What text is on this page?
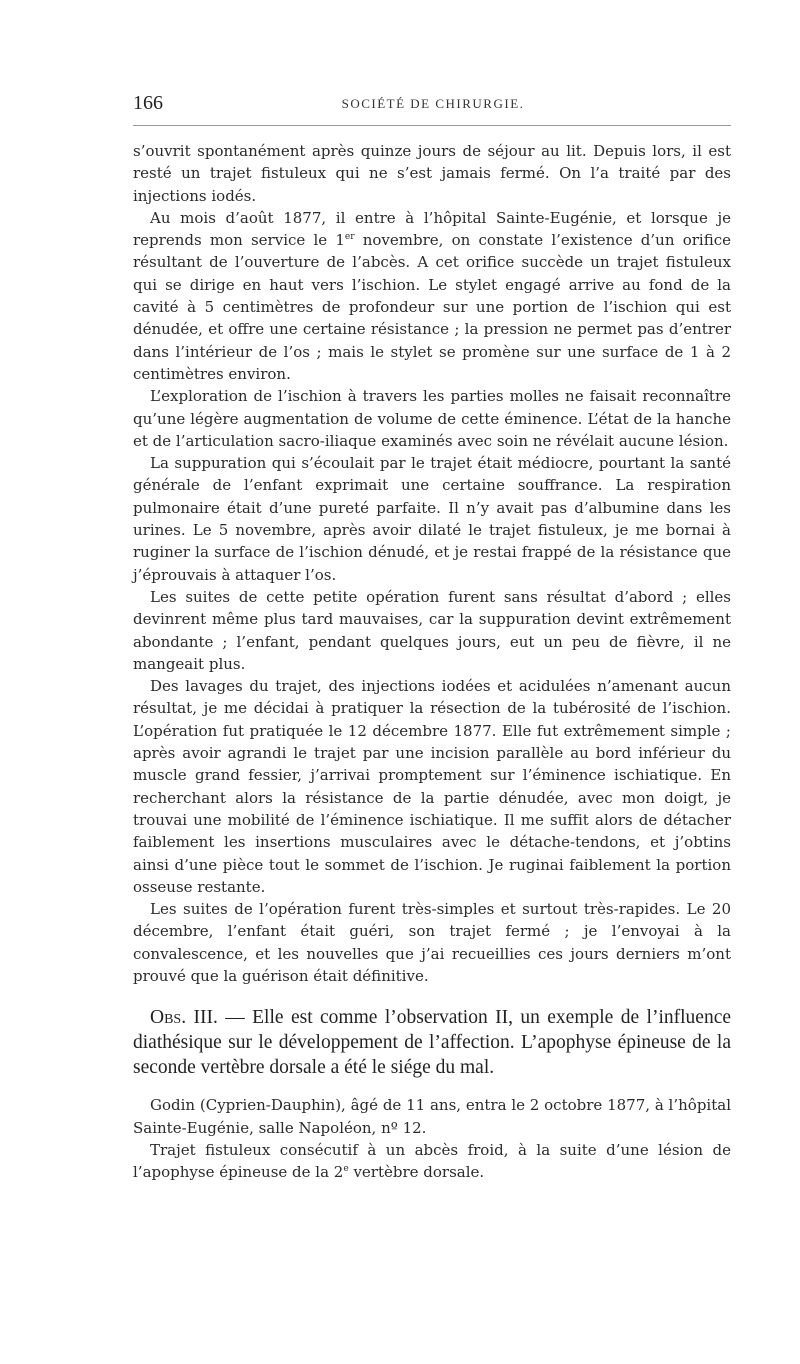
166	SOCIÉTÉ DE CHIRURGIE.

s’ouvrit spontanément après quinze jours de séjour au lit. Depuis lors, il est resté un trajet fistuleux qui ne s’est jamais fermé. On l’a traité par des injections iodés.

Au mois d’août 1877, il entre à l’hôpital Sainte-Eugénie, et lorsque je reprends mon service le 1er novembre, on constate l’existence d’un orifice résultant de l’ouverture de l’abcès. A cet orifice succède un trajet fistuleux qui se dirige en haut vers l’ischion. Le stylet engagé arrive au fond de la cavité à 5 centimètres de profondeur sur une portion de l’ischion qui est dénudée, et offre une certaine résistance ; la pression ne permet pas d’entrer dans l’intérieur de l’os ; mais le stylet se promène sur une surface de 1 à 2 centimètres environ.

L’exploration de l’ischion à travers les parties molles ne faisait reconnaître qu’une légère augmentation de volume de cette éminence. L’état de la hanche et de l’articulation sacro-iliaque examinés avec soin ne révélait aucune lésion.

La suppuration qui s’écoulait par le trajet était médiocre, pourtant la santé générale de l’enfant exprimait une certaine souffrance. La respiration pulmonaire était d’une pureté parfaite. Il n’y avait pas d’albumine dans les urines. Le 5 novembre, après avoir dilaté le trajet fistuleux, je me bornai à ruginer la surface de l’ischion dénudé, et je restai frappé de la résistance que j’éprouvais à attaquer l’os.

Les suites de cette petite opération furent sans résultat d’abord ; elles devinrent même plus tard mauvaises, car la suppuration devint extrêmement abondante ; l’enfant, pendant quelques jours, eut un peu de fièvre, il ne mangeait plus.

Des lavages du trajet, des injections iodées et acidulées n’amenant aucun résultat, je me décidai à pratiquer la résection de la tubérosité de l’ischion. L’opération fut pratiquée le 12 décembre 1877. Elle fut extrêmement simple ; après avoir agrandi le trajet par une incision parallèle au bord inférieur du muscle grand fessier, j’arrivai promptement sur l’éminence ischiatique. En recherchant alors la résistance de la partie dénudée, avec mon doigt, je trouvai une mobilité de l’éminence ischiatique. Il me suffit alors de détacher faiblement les insertions musculaires avec le détache-tendons, et j’obtins ainsi d’une pièce tout le sommet de l’ischion. Je ruginai faiblement la portion osseuse restante.

Les suites de l’opération furent très-simples et surtout très-rapides. Le 20 décembre, l’enfant était guéri, son trajet fermé ; je l’envoyai à la convalescence, et les nouvelles que j’ai recueillies ces jours derniers m’ont prouvé que la guérison était définitive.

Obs. III. — Elle est comme l’observation II, un exemple de l’influence diathésique sur le développement de l’affection. L’apophyse épineuse de la seconde vertèbre dorsale a été le siége du mal.

Godin (Cyprien-Dauphin), âgé de 11 ans, entra le 2 octobre 1877, à l’hôpital Sainte-Eugénie, salle Napoléon, nº 12.

Trajet fistuleux consécutif à un abcès froid, à la suite d’une lésion de l’apophyse épineuse de la 2e vertèbre dorsale.
